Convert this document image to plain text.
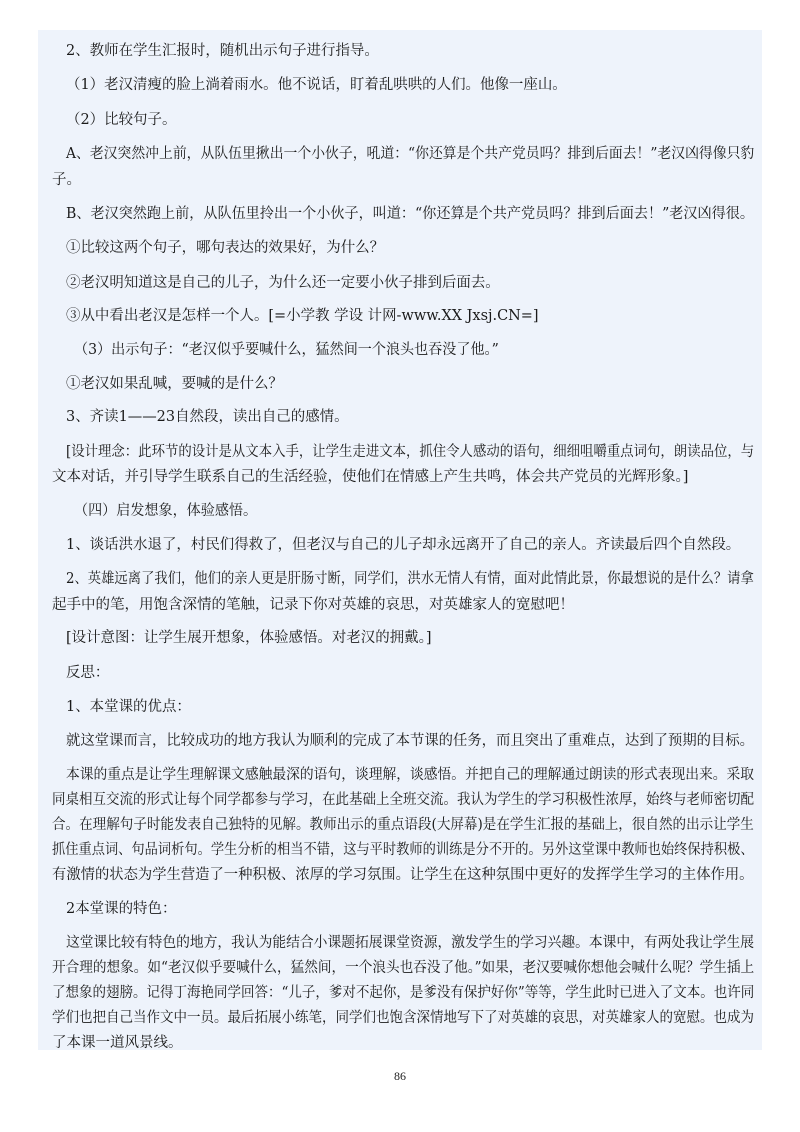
2、教师在学生汇报时，随机出示句子进行指导。
（1）老汉清瘦的脸上淌着雨水。他不说话，盯着乱哄哄的人们。他像一座山。
（2）比较句子。
A、老汉突然冲上前，从队伍里揪出一个小伙子，吼道：“你还算是个共产党员吗？排到后面去！”老汉凶得像只豹
子。
B、老汉突然跑上前，从队伍里拎出一个小伙子，叫道：“你还算是个共产党员吗？排到后面去！”老汉凶得很。
①比较这两个句子，哪句表达的效果好，为什么？
②老汉明知道这是自己的儿子，为什么还一定要小伙子排到后面去。
③从中看出老汉是怎样一个人。[=小学教 学设 计网-www.XX Jxsj.CN=]
（3）出示句子：“老汉似乎要喊什么，猛然间一个浪头也吞没了他。”
①老汉如果乱喊，要喊的是什么？
3、齐读1——23自然段，读出自己的感情。
[设计理念：此环节的设计是从文本入手，让学生走进文本，抓住令人感动的语句，细细咀嚼重点词句，朗读品位，与
文本对话，并引导学生联系自己的生活经验，使他们在情感上产生共鸣，体会共产党员的光辉形象。]
（四）启发想象，体验感悟。
1、谈话洪水退了，村民们得救了，但老汉与自己的儿子却永远离开了自己的亲人。齐读最后四个自然段。
2、英雄远离了我们，他们的亲人更是肝肠寸断，同学们，洪水无情人有情，面对此情此景，你最想说的是什么？请拿
起手中的笔，用饱含深情的笔触，记录下你对英雄的哀思，对英雄家人的宽慰吧！
[设计意图：让学生展开想象，体验感悟。对老汉的拥戴。]
反思：
1、本堂课的优点：
就这堂课而言，比较成功的地方我认为顺利的完成了本节课的任务，而且突出了重难点，达到了预期的目标。
本课的重点是让学生理解课文感触最深的语句，谈理解，谈感悟。并把自己的理解通过朗读的形式表现出来。采取
同桌相互交流的形式让每个同学都参与学习，在此基础上全班交流。我认为学生的学习积极性浓厚，始终与老师密切配
合。在理解句子时能发表自己独特的见解。教师出示的重点语段(大屏幕)是在学生汇报的基础上，很自然的出示让学生
抓住重点词、句品词析句。学生分析的相当不错，这与平时教师的训练是分不开的。另外这堂课中教师也始终保持积极、
有激情的状态为学生营造了一种积极、浓厚的学习氛围。让学生在这种氛围中更好的发挥学生学习的主体作用。
2本堂课的特色：
这堂课比较有特色的地方，我认为能结合小课题拓展课堂资源，激发学生的学习兴趣。本课中，有两处我让学生展
开合理的想象。如“老汉似乎要喊什么，猛然间，一个浪头也吞没了他。”如果，老汉要喊你想他会喊什么呢？学生插上
了想象的翅膀。记得丁海艳同学回答：“儿子，爹对不起你，是爹没有保护好你”等等，学生此时已进入了文本。也许同
学们也把自己当作文中一员。最后拓展小练笔，同学们也饱含深情地写下了对英雄的哀思，对英雄家人的宽慰。也成为
了本课一道风景线。
86
